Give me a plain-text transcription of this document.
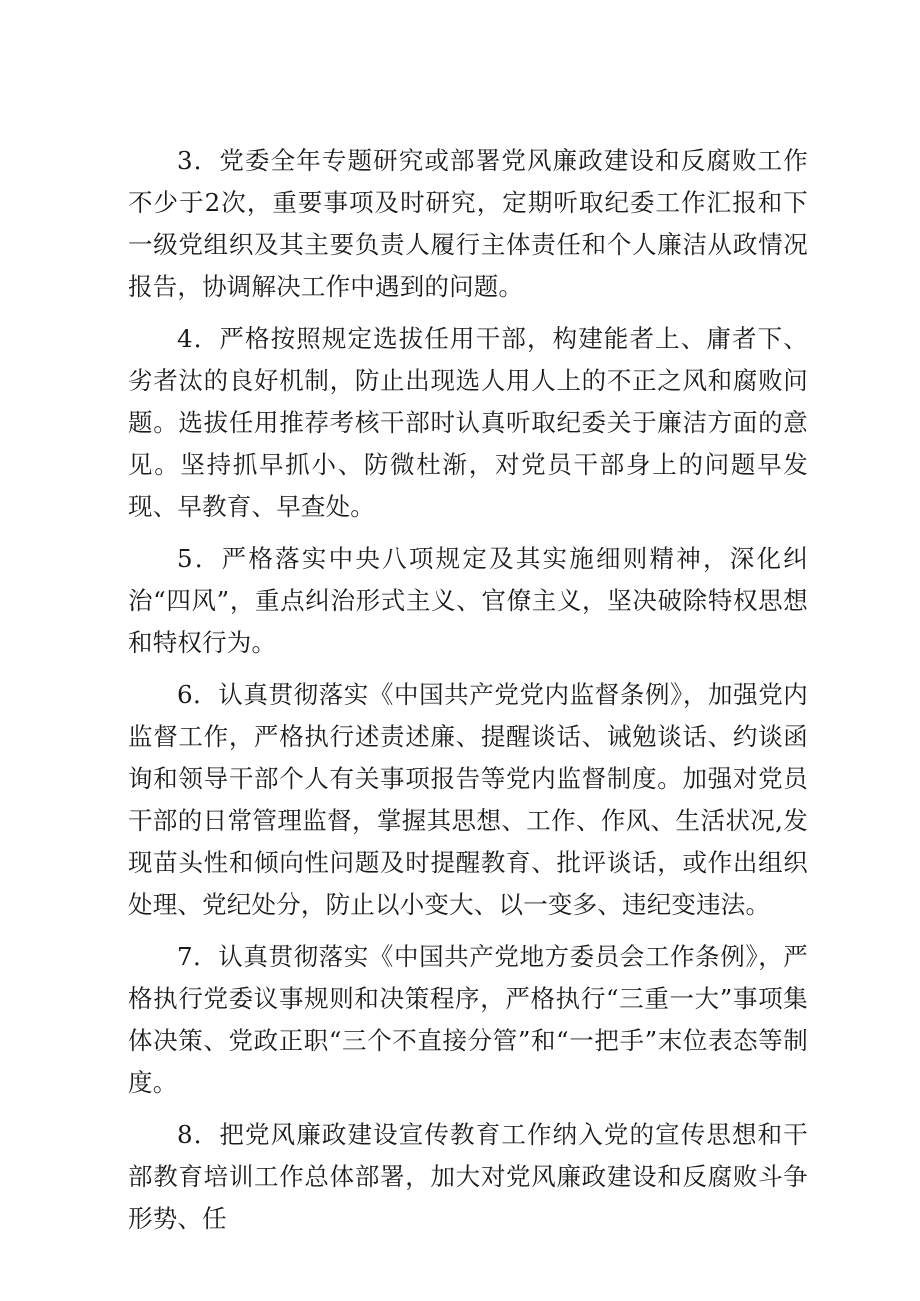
3．党委全年专题研究或部署党风廉政建设和反腐败工作不少于2次，重要事项及时研究，定期听取纪委工作汇报和下一级党组织及其主要负责人履行主体责任和个人廉洁从政情况报告，协调解决工作中遇到的问题。

4．严格按照规定选拔任用干部，构建能者上、庸者下、劣者汰的良好机制，防止出现选人用人上的不正之风和腐败问题。选拔任用推荐考核干部时认真听取纪委关于廉洁方面的意见。坚持抓早抓小、防微杜渐，对党员干部身上的问题早发现、早教育、早查处。

5．严格落实中央八项规定及其实施细则精神，深化纠治“四风”，重点纠治形式主义、官僚主义，坚决破除特权思想和特权行为。

6．认真贯彻落实《中国共产党党内监督条例》，加强党内监督工作，严格执行述责述廉、提醒谈话、诫勉谈话、约谈函询和领导干部个人有关事项报告等党内监督制度。加强对党员干部的日常管理监督，掌握其思想、工作、作风、生活状况,发现苗头性和倾向性问题及时提醒教育、批评谈话，或作出组织处理、党纪处分，防止以小变大、以一变多、违纪变违法。

7．认真贯彻落实《中国共产党地方委员会工作条例》，严格执行党委议事规则和决策程序，严格执行“三重一大”事项集体决策、党政正职“三个不直接分管”和“一把手”末位表态等制度。

8．把党风廉政建设宣传教育工作纳入党的宣传思想和干部教育培训工作总体部署，加大对党风廉政建设和反腐败斗争形势、任
